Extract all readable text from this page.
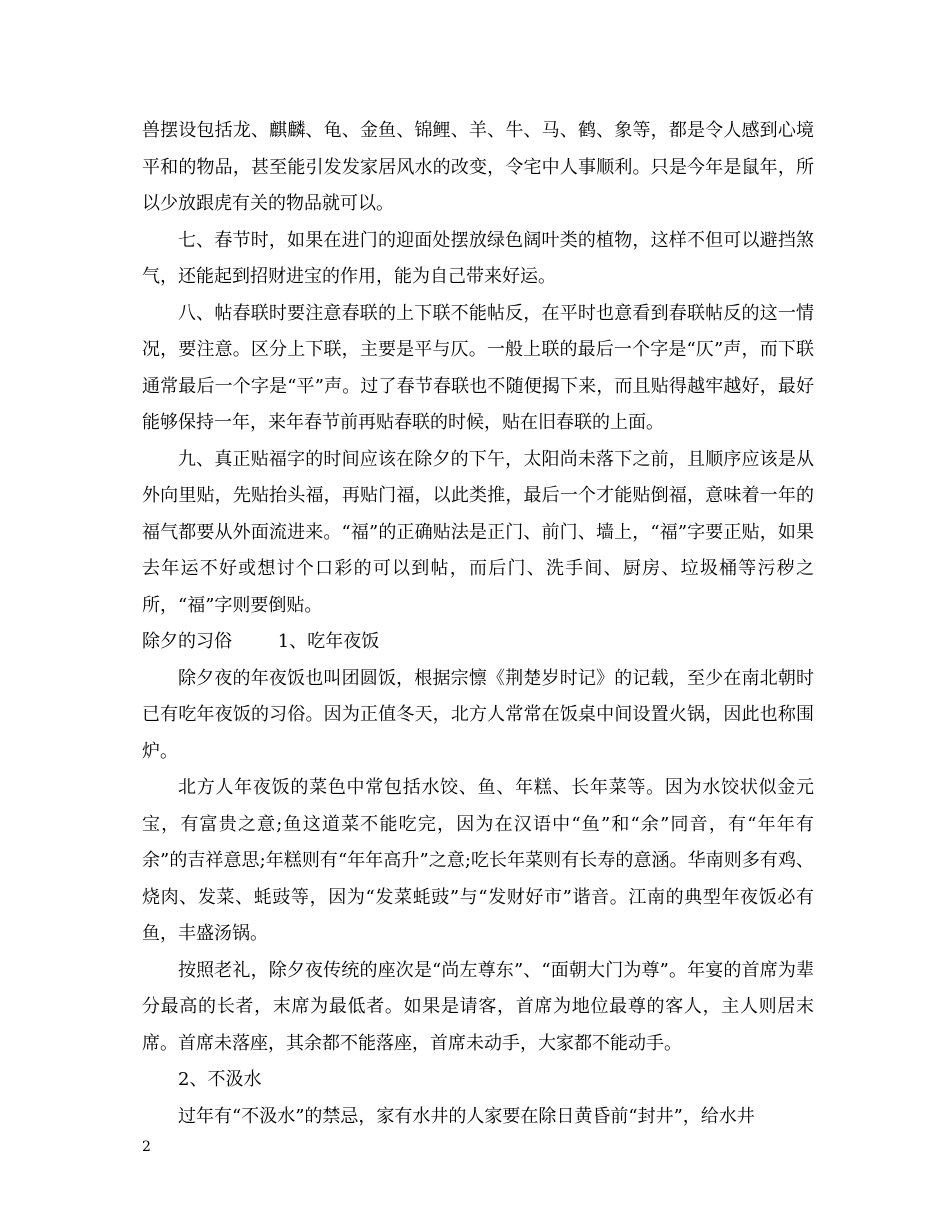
兽摆设包括龙、麒麟、龟、金鱼、锦鲤、羊、牛、马、鹤、象等，都是令人感到心境平和的物品，甚至能引发发家居风水的改变，令宅中人事顺利。只是今年是鼠年，所以少放跟虎有关的物品就可以。

七、春节时，如果在进门的迎面处摆放绿色阔叶类的植物，这样不但可以避挡煞气，还能起到招财进宝的作用，能为自己带来好运。

八、帖春联时要注意春联的上下联不能帖反，在平时也意看到春联帖反的这一情况，要注意。区分上下联，主要是平与仄。一般上联的最后一个字是“仄”声，而下联通常最后一个字是“平”声。过了春节春联也不随便揭下来，而且贴得越牢越好，最好能够保持一年，来年春节前再贴春联的时候，贴在旧春联的上面。

九、真正贴福字的时间应该在除夕的下午，太阳尚未落下之前，且顺序应该是从外向里贴，先贴抬头福，再贴门福，以此类推，最后一个才能贴倒福，意味着一年的福气都要从外面流进来。“福”的正确贴法是正门、前门、墙上，“福”字要正贴，如果去年运不好或想讨个口彩的可以到帖，而后门、洗手间、厨房、垃圾桶等污秽之所，“福”字则要倒贴。

除夕的习俗	1、吃年夜饭

除夕夜的年夜饭也叫团圆饭，根据宗懔《荆楚岁时记》的记载，至少在南北朝时已有吃年夜饭的习俗。因为正值冬天，北方人常常在饭桌中间设置火锅，因此也称围炉。

北方人年夜饭的菜色中常包括水饺、鱼、年糕、长年菜等。因为水饺状似金元宝，有富贵之意;鱼这道菜不能吃完，因为在汉语中“鱼”和“余”同音，有“年年有余”的吉祥意思;年糕则有“年年高升”之意;吃长年菜则有长寿的意涵。华南则多有鸡、烧肉、发菜、蚝豉等，因为“发菜蚝豉”与“发财好市”谐音。江南的典型年夜饭必有鱼，丰盛汤锅。

按照老礼，除夕夜传统的座次是“尚左尊东”、“面朝大门为尊”。年宴的首席为辈分最高的长者，末席为最低者。如果是请客，首席为地位最尊的客人，主人则居末席。首席未落座，其余都不能落座，首席未动手，大家都不能动手。

2、不汲水

过年有“不汲水”的禁忌，家有水井的人家要在除日黄昏前“封井”，给水井

2
